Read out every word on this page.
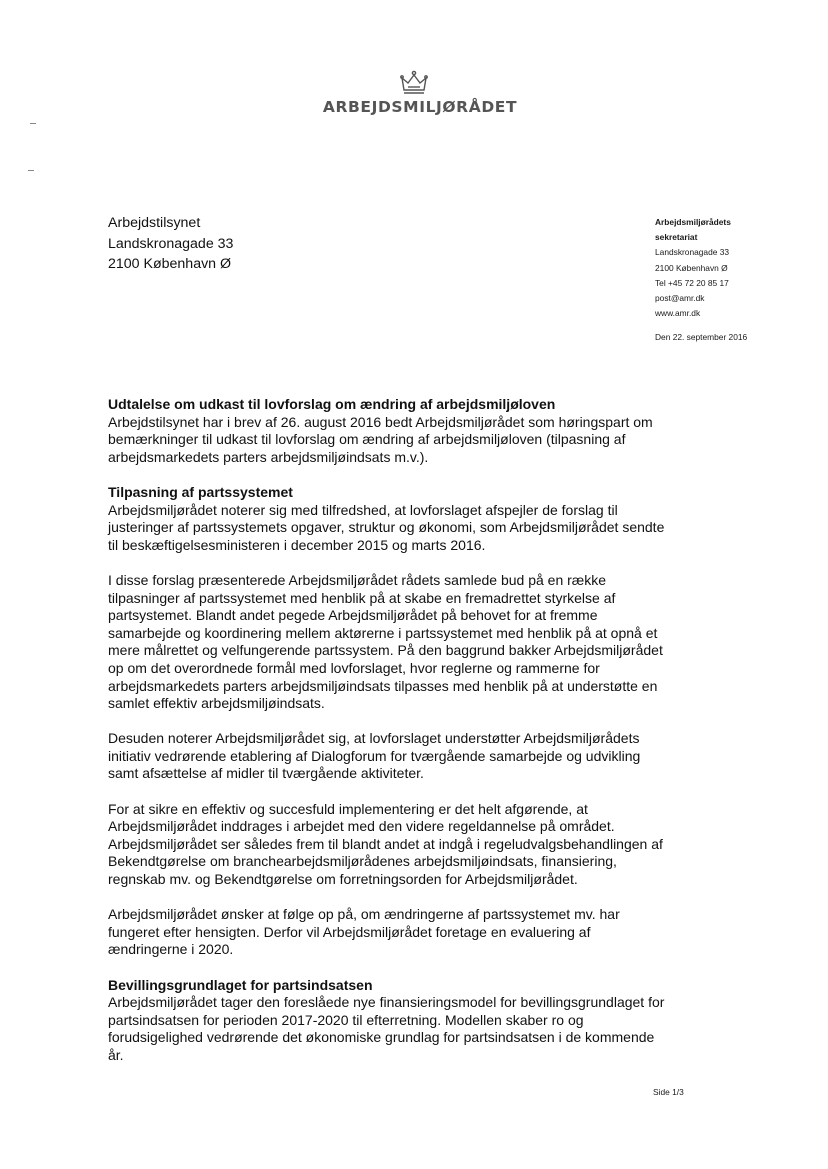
ARBEJDSMILJØRÅDET
Arbejdstilsynet
Landskronagade 33
2100 København Ø
Arbejdsmiljørådets
sekretariat
Landskronagade 33
2100 København Ø
Tel +45 72 20 85 17
post@amr.dk
www.amr.dk
Den 22. september 2016
Udtalelse om udkast til lovforslag om ændring af arbejdsmiljøloven

Arbejdstilsynet har i brev af 26. august 2016 bedt Arbejdsmiljørådet som høringspart om bemærkninger til udkast til lovforslag om ændring af arbejdsmiljøloven (tilpasning af arbejdsmarkedets parters arbejdsmiljøindsats m.v.).

Tilpasning af partssystemet

Arbejdsmiljørådet noterer sig med tilfredshed, at lovforslaget afspejler de forslag til justeringer af partssystemets opgaver, struktur og økonomi, som Arbejdsmiljørådet sendte til beskæftigelsesministeren i december 2015 og marts 2016.

I disse forslag præsenterede Arbejdsmiljørådet rådets samlede bud på en række tilpasninger af partssystemet med henblik på at skabe en fremadrettet styrkelse af partsystemet. Blandt andet pegede Arbejdsmiljørådet på behovet for at fremme samarbejde og koordinering mellem aktørerne i partssystemet med henblik på at opnå et mere målrettet og velfungerende partssystem. På den baggrund bakker Arbejdsmiljørådet op om det overordnede formål med lovforslaget, hvor reglerne og rammerne for arbejdsmarkedets parters arbejdsmiljøindsats tilpasses med henblik på at understøtte en samlet effektiv arbejdsmiljøindsats.

Desuden noterer Arbejdsmiljørådet sig, at lovforslaget understøtter Arbejdsmiljørådets initiativ vedrørende etablering af Dialogforum for tværgående samarbejde og udvikling samt afsættelse af midler til tværgående aktiviteter.

For at sikre en effektiv og succesfuld implementering er det helt afgørende, at Arbejdsmiljørådet inddrages i arbejdet med den videre regeldannelse på området. Arbejdsmiljørådet ser således frem til blandt andet at indgå i regeludvalgsbehandlingen af Bekendtgørelse om branchearbejdsmiljørådenes arbejdsmiljøindsats, finansiering, regnskab mv. og Bekendtgørelse om forretningsorden for Arbejdsmiljørådet.

Arbejdsmiljørådet ønsker at følge op på, om ændringerne af partssystemet mv. har fungeret efter hensigten. Derfor vil Arbejdsmiljørådet foretage en evaluering af ændringerne i 2020.

Bevillingsgrundlaget for partsindsatsen

Arbejdsmiljørådet tager den foreslåede nye finansieringsmodel for bevillingsgrundlaget for partsindsatsen for perioden 2017-2020 til efterretning. Modellen skaber ro og forudsigelighed vedrørende det økonomiske grundlag for partsindsatsen i de kommende år.

Side 1/3
